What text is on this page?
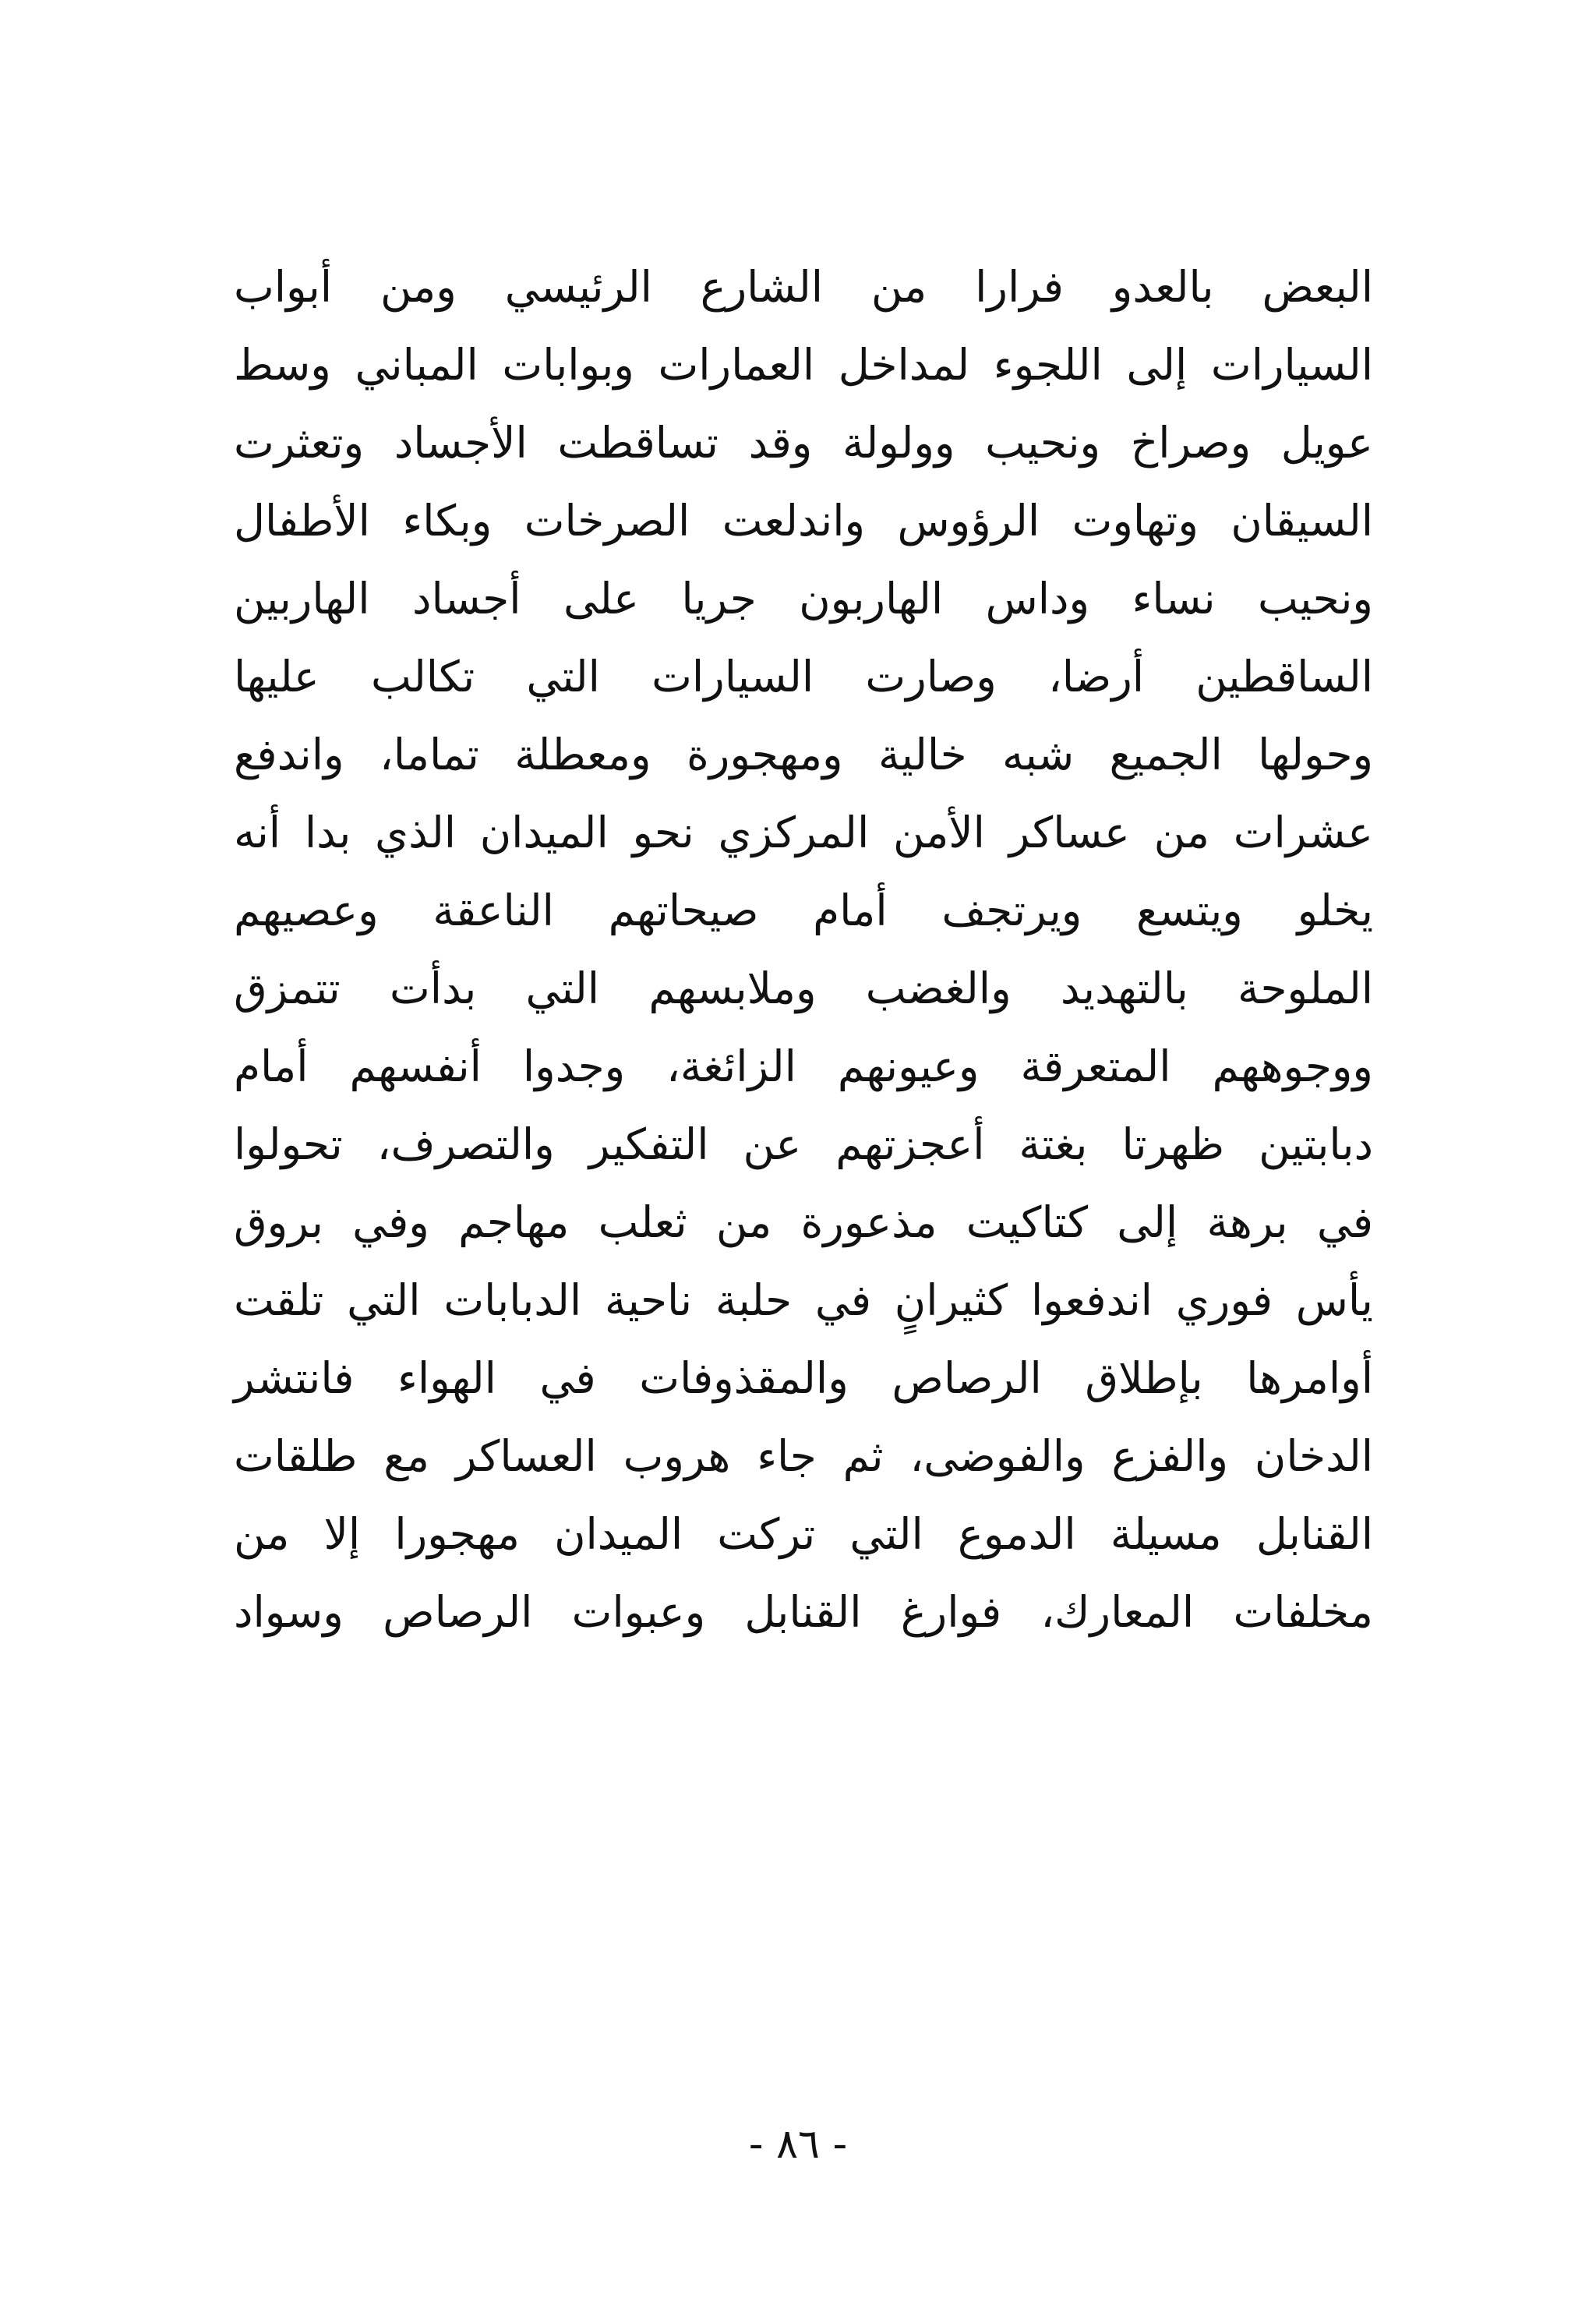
البعض بالعدو فرارا من الشارع الرئيسي ومن أبواب
السيارات إلى اللجوء لمداخل العمارات وبوابات المباني وسط
عويل وصراخ ونحيب وولولة وقد تساقطت الأجساد وتعثرت
السيقان وتهاوت الرؤوس واندلعت الصرخات وبكاء الأطفال
ونحيب نساء وداس الهاربون جريا على أجساد الهاربين
الساقطين أرضا، وصارت السيارات التي تكالب عليها
وحولها الجميع شبه خالية ومهجورة ومعطلة تماما، واندفع
عشرات من عساكر الأمن المركزي نحو الميدان الذي بدا أنه
يخلو ويتسع ويرتجف أمام صيحاتهم الناعقة وعصيهم
الملوحة بالتهديد والغضب وملابسهم التي بدأت تتمزق
ووجوههم المتعرقة وعيونهم الزائغة، وجدوا أنفسهم أمام
دبابتين ظهرتا بغتة أعجزتهم عن التفكير والتصرف، تحولوا
في برهة إلى كتاكيت مذعورة من ثعلب مهاجم وفي بروق
يأس فوري اندفعوا كثيرانٍ في حلبة ناحية الدبابات التي تلقت
أوامرها بإطلاق الرصاص والمقذوفات في الهواء فانتشر
الدخان والفزع والفوضى، ثم جاء هروب العساكر مع طلقات
القنابل مسيلة الدموع التي تركت الميدان مهجورا إلا من
مخلفات المعارك، فوارغ القنابل وعبوات الرصاص وسواد
- ٨٦ -
